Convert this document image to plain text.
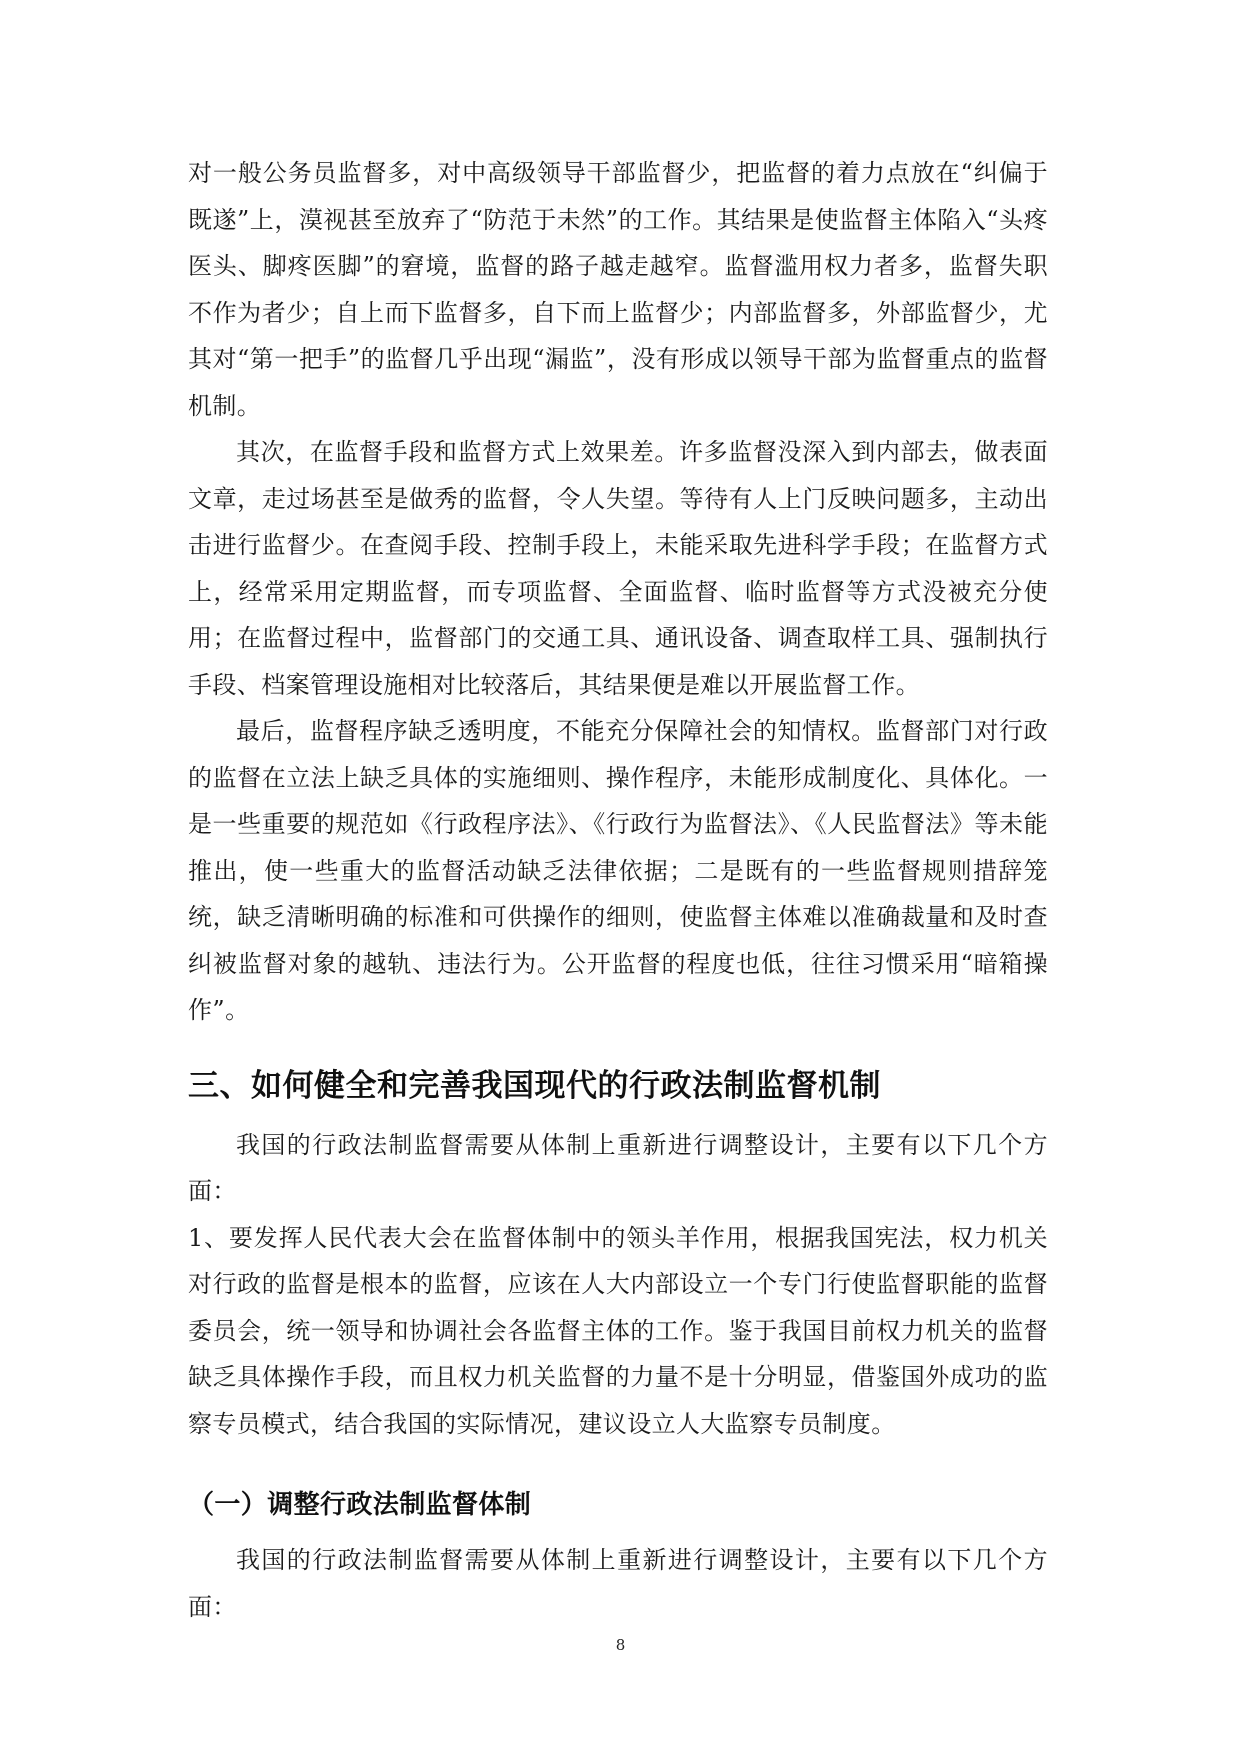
对一般公务员监督多，对中高级领导干部监督少，把监督的着力点放在“纠偏于既遂”上，漠视甚至放弃了“防范于未然”的工作。其结果是使监督主体陷入“头疼医头、脚疼医脚”的窘境，监督的路子越走越窄。监督滥用权力者多，监督失职不作为者少；自上而下监督多，自下而上监督少；内部监督多，外部监督少，尤其对“第一把手”的监督几乎出现“漏监”，没有形成以领导干部为监督重点的监督机制。

其次，在监督手段和监督方式上效果差。许多监督没深入到内部去，做表面文章，走过场甚至是做秀的监督，令人失望。等待有人上门反映问题多，主动出击进行监督少。在查阅手段、控制手段上，未能采取先进科学手段；在监督方式上，经常采用定期监督，而专项监督、全面监督、临时监督等方式没被充分使用；在监督过程中，监督部门的交通工具、通讯设备、调查取样工具、强制执行手段、档案管理设施相对比较落后，其结果便是难以开展监督工作。

最后，监督程序缺乏透明度，不能充分保障社会的知情权。监督部门对行政的监督在立法上缺乏具体的实施细则、操作程序，未能形成制度化、具体化。一是一些重要的规范如《行政程序法》、《行政行为监督法》、《人民监督法》等未能推出，使一些重大的监督活动缺乏法律依据；二是既有的一些监督规则措辞笼统，缺乏清晰明确的标准和可供操作的细则，使监督主体难以准确裁量和及时查纠被监督对象的越轨、违法行为。公开监督的程度也低，往往习惯采用“暗箱操作”。

三、如何健全和完善我国现代的行政法制监督机制

我国的行政法制监督需要从体制上重新进行调整设计，主要有以下几个方面：

1、要发挥人民代表大会在监督体制中的领头羊作用，根据我国宪法，权力机关对行政的监督是根本的监督，应该在人大内部设立一个专门行使监督职能的监督委员会，统一领导和协调社会各监督主体的工作。鉴于我国目前权力机关的监督缺乏具体操作手段，而且权力机关监督的力量不是十分明显，借鉴国外成功的监察专员模式，结合我国的实际情况，建议设立人大监察专员制度。

（一）调整行政法制监督体制

我国的行政法制监督需要从体制上重新进行调整设计，主要有以下几个方面：

8
